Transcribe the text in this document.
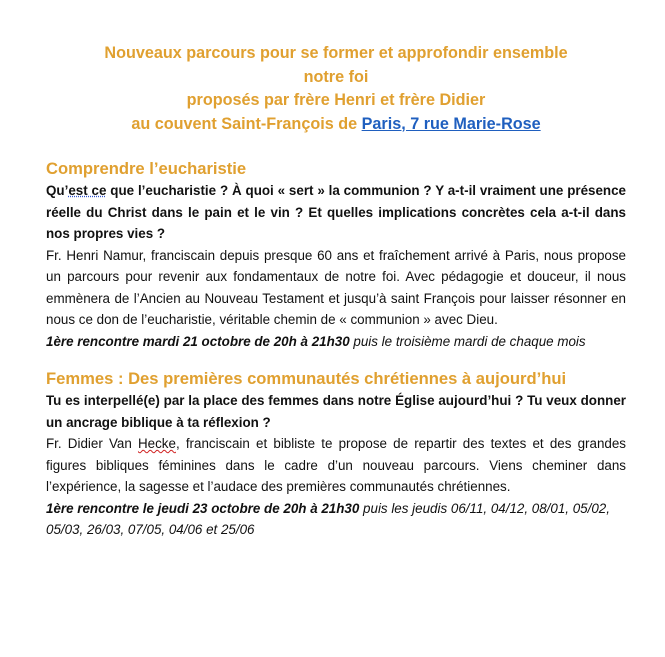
Nouveaux parcours pour se former et approfondir ensemble
notre foi
proposés par frère Henri et frère Didier
au couvent Saint-François de Paris, 7 rue Marie-Rose
Comprendre l’eucharistie
Qu’est ce que l’eucharistie ? À quoi « sert » la communion ? Y a-t-il vraiment une présence réelle du Christ dans le pain et le vin ? Et quelles implications concrètes cela a-t-il dans nos propres vies ?
Fr. Henri Namur, franciscain depuis presque 60 ans et fraîchement arrivé à Paris, nous propose un parcours pour revenir aux fondamentaux de notre foi. Avec pédagogie et douceur, il nous emmènera de l’Ancien au Nouveau Testament et jusqu’à saint François pour laisser résonner en nous ce don de l’eucharistie, véritable chemin de « communion » avec Dieu.
1ère rencontre mardi 21 octobre de 20h à 21h30 puis le troisième mardi de chaque mois
Femmes : Des premières communautés chrétiennes à aujourd’hui
Tu es interpellé(e) par la place des femmes dans notre Église aujourd’hui ? Tu veux donner un ancrage biblique à ta réflexion ?
Fr. Didier Van Hecke, franciscain et bibliste te propose de repartir des textes et des grandes figures bibliques féminines dans le cadre d’un nouveau parcours. Viens cheminer dans l’expérience, la sagesse et l’audace des premières communautés chrétiennes.
1ère rencontre le jeudi 23 octobre de 20h à 21h30 puis les jeudis 06/11, 04/12, 08/01, 05/02, 05/03, 26/03, 07/05, 04/06 et 25/06
